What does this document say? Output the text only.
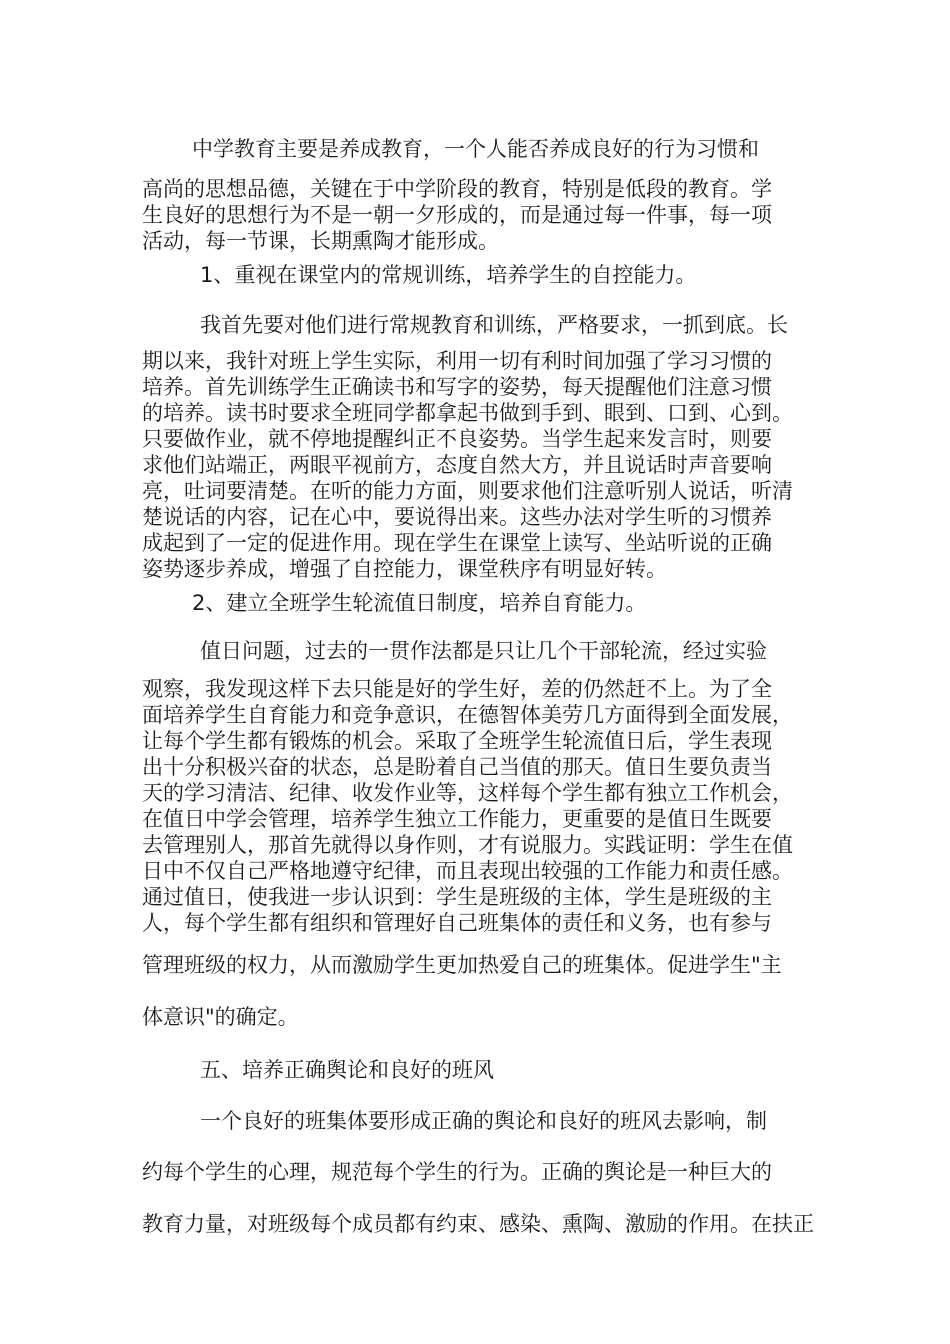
中学教育主要是养成教育，一个人能否养成良好的行为习惯和

高尚的思想品德，关键在于中学阶段的教育，特别是低段的教育。学

生良好的思想行为不是一朝一夕形成的，而是通过每一件事，每一项

活动，每一节课，长期熏陶才能形成。

1、重视在课堂内的常规训练，培养学生的自控能力。

我首先要对他们进行常规教育和训练，严格要求，一抓到底。长

期以来，我针对班上学生实际，利用一切有利时间加强了学习习惯的

培养。首先训练学生正确读书和写字的姿势，每天提醒他们注意习惯

的培养。读书时要求全班同学都拿起书做到手到、眼到、口到、心到。

只要做作业，就不停地提醒纠正不良姿势。当学生起来发言时，则要

求他们站端正，两眼平视前方，态度自然大方，并且说话时声音要响

亮，吐词要清楚。在听的能力方面，则要求他们注意听别人说话，听清

楚说话的内容，记在心中，要说得出来。这些办法对学生听的习惯养

成起到了一定的促进作用。现在学生在课堂上读写、坐站听说的正确

姿势逐步养成，增强了自控能力，课堂秩序有明显好转。

2、建立全班学生轮流值日制度，培养自育能力。

值日问题，过去的一贯作法都是只让几个干部轮流，经过实验

观察，我发现这样下去只能是好的学生好，差的仍然赶不上。为了全

面培养学生自育能力和竞争意识，在德智体美劳几方面得到全面发展，

让每个学生都有锻炼的机会。采取了全班学生轮流值日后，学生表现

出十分积极兴奋的状态，总是盼着自己当值的那天。值日生要负责当

天的学习清洁、纪律、收发作业等，这样每个学生都有独立工作机会，

在值日中学会管理，培养学生独立工作能力，更重要的是值日生既要

去管理别人，那首先就得以身作则，才有说服力。实践证明：学生在值

日中不仅自己严格地遵守纪律，而且表现出较强的工作能力和责任感。

通过值日，使我进一步认识到：学生是班级的主体，学生是班级的主

人，每个学生都有组织和管理好自己班集体的责任和义务，也有参与

管理班级的权力，从而激励学生更加热爱自己的班集体。促进学生"主

体意识"的确定。

五、培养正确舆论和良好的班风

一个良好的班集体要形成正确的舆论和良好的班风去影响，制

约每个学生的心理，规范每个学生的行为。正确的舆论是一种巨大的

教育力量，对班级每个成员都有约束、感染、熏陶、激励的作用。在扶正
